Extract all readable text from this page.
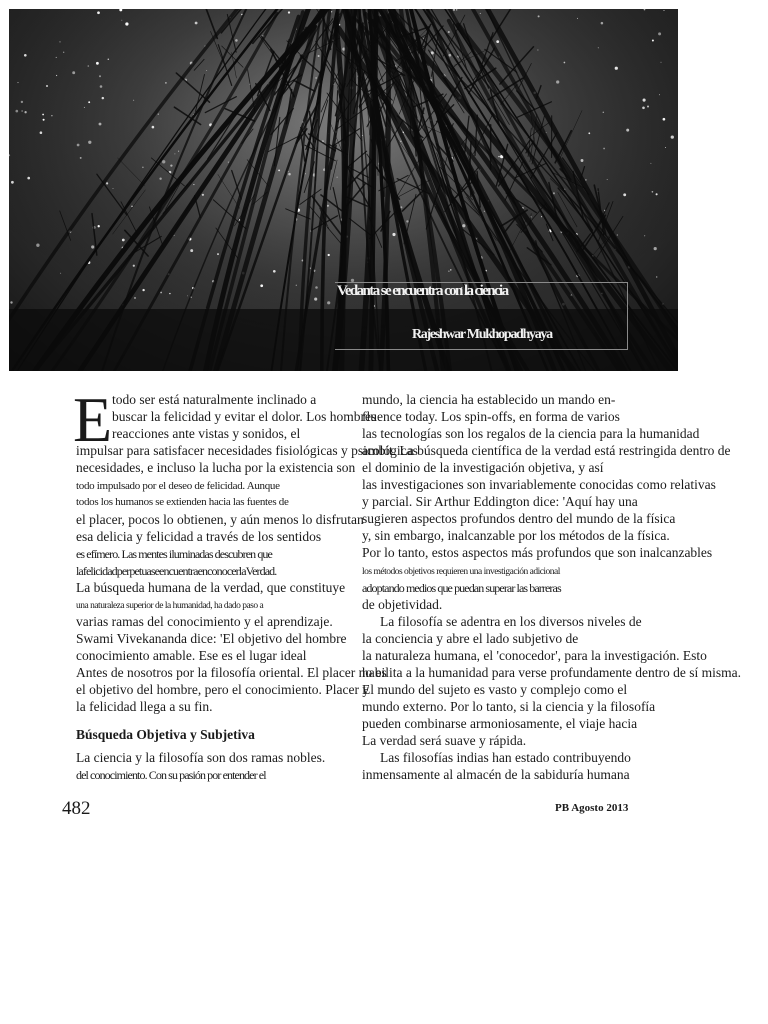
Vedanta se encuentra con la ciencia
Rajeshwar Mukhopadhyaya
E todo ser está naturalmente inclinado a
buscar la felicidad y evitar el dolor. Los hombres
reacciones ante vistas y sonidos, el
impulsar para satisfacer necesidades fisiológicas y psicológicas
necesidades, e incluso la lucha por la existencia son
todo impulsado por el deseo de felicidad. Aunque
todos los humanos se extienden hacia las fuentes de
el placer, pocos lo obtienen, y aún menos lo disfrutan
esa delicia y felicidad a través de los sentidos
es efímero. Las mentes iluminadas descubren que
lafelicidadperpetuaseencuentraenconocerlaVerdad.
La búsqueda humana de la verdad, que constituye
una naturaleza superior de la humanidad, ha dado paso a
varias ramas del conocimiento y el aprendizaje.
Swami Vivekananda dice: 'El objetivo del hombre
conocimiento amable. Ese es el lugar ideal
Antes de nosotros por la filosofía oriental. El placer no es
el objetivo del hombre, pero el conocimiento. Placer y
la felicidad llega a su fin.
Búsqueda Objetiva y Subjetiva
La ciencia y la filosofía son dos ramas nobles.
del conocimiento. Con su pasión por entender el
mundo, la ciencia ha establecido un mando en-
fluence today. Los spin-offs, en forma de varios
las tecnologías son los regalos de la ciencia para la humanidad
ambit. La búsqueda científica de la verdad está restringida dentro de
el dominio de la investigación objetiva, y así
las investigaciones son invariablemente conocidas como relativas
y parcial. Sir Arthur Eddington dice: 'Aquí hay una
sugieren aspectos profundos dentro del mundo de la física
y, sin embargo, inalcanzable por los métodos de la física.
Por lo tanto, estos aspectos más profundos que son inalcanzables
los métodos objetivos requieren una investigación adicional
adoptando medios que puedan superar las barreras
de objetividad.
La filosofía se adentra en los diversos niveles de
la conciencia y abre el lado subjetivo de
la naturaleza humana, el 'conocedor', para la investigación. Esto
habilita a la humanidad para verse profundamente dentro de sí misma.
El mundo del sujeto es vasto y complejo como el
mundo externo. Por lo tanto, si la ciencia y la filosofía
pueden combinarse armoniosamente, el viaje hacia
La verdad será suave y rápida.
Las filosofías indias han estado contribuyendo
inmensamente al almacén de la sabiduría humana
482	PB Agosto 2013
